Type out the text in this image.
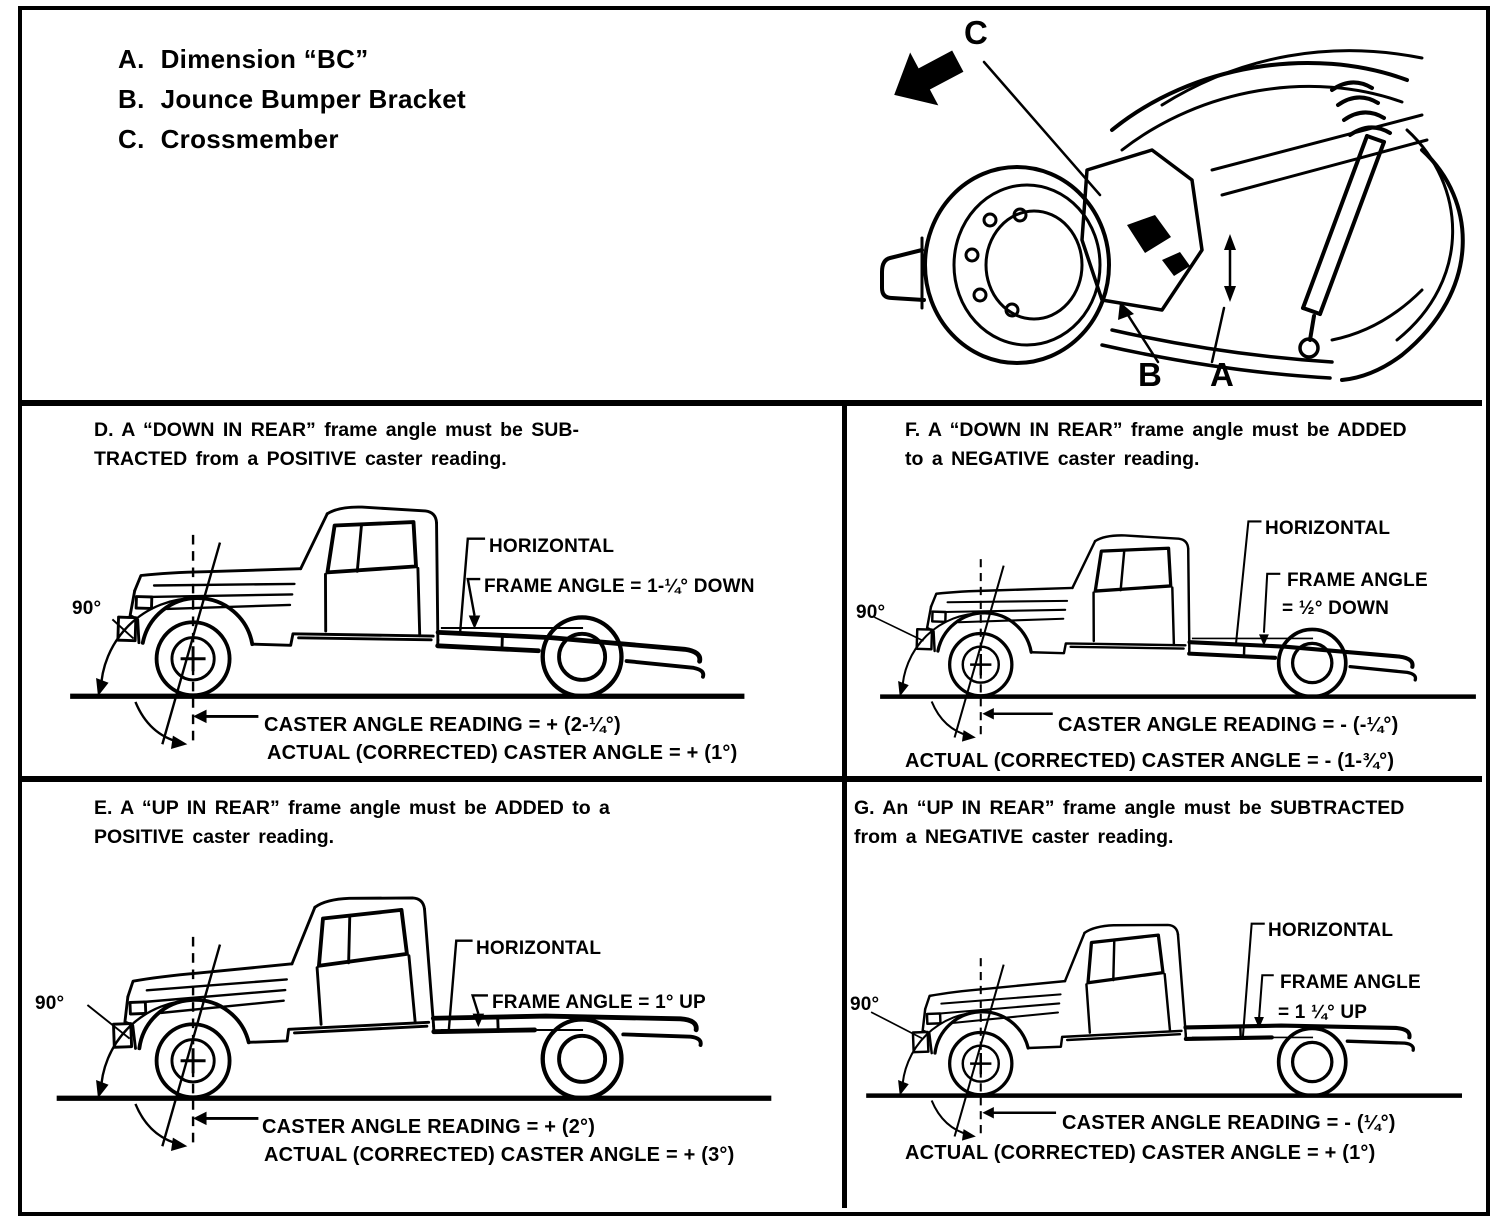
A. Dimension “BC”
B. Jounce Bumper Bracket
C. Crossmember
C
B A
D. A “DOWN IN REAR” frame angle must be SUB-
TRACTED from a POSITIVE caster reading.
90°
HORIZONTAL
FRAME ANGLE = 1-¼° DOWN
CASTER ANGLE READING = + (2-¼°)
ACTUAL (CORRECTED) CASTER ANGLE = + (1°)
F. A “DOWN IN REAR” frame angle must be ADDED
to a NEGATIVE caster reading.
90°
HORIZONTAL
FRAME ANGLE
= ½° DOWN
CASTER ANGLE READING = - (-¼°)
ACTUAL (CORRECTED) CASTER ANGLE = - (1-¾°)
E. A “UP IN REAR” frame angle must be ADDED to a
POSITIVE caster reading.
90°
HORIZONTAL
FRAME ANGLE = 1° UP
CASTER ANGLE READING = + (2°)
ACTUAL (CORRECTED) CASTER ANGLE = + (3°)
G. An “UP IN REAR” frame angle must be SUBTRACTED
from a NEGATIVE caster reading.
90°
HORIZONTAL
FRAME ANGLE
= 1 ¼° UP
CASTER ANGLE READING = - (¼°)
ACTUAL (CORRECTED) CASTER ANGLE = + (1°)
